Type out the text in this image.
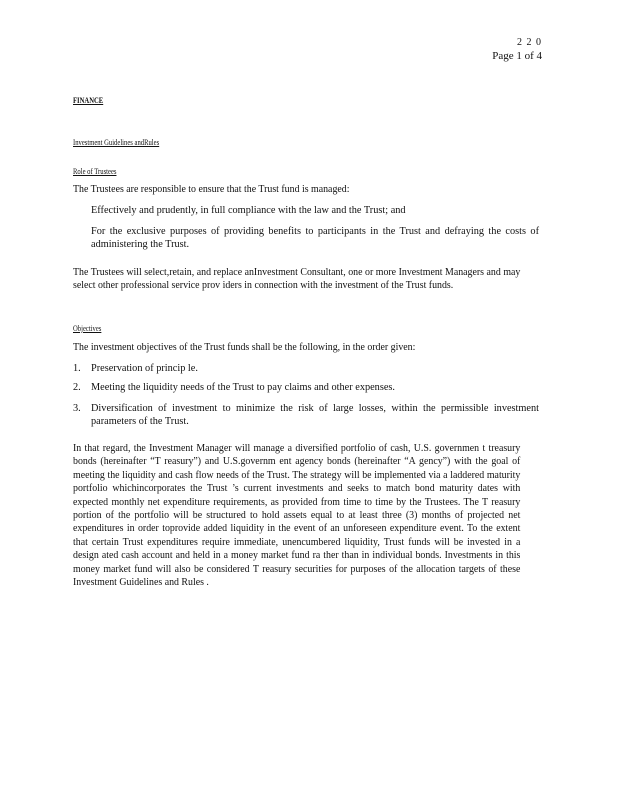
2 2 0
Page 1 of 4
FINANCE
Investment Guidelines andRules
Role of Trustees
The Trustees are responsible to ensure that the Trust fund is managed:
Effectively and prudently, in full compliance with the law and the Trust; and
For the exclusive purposes of providing benefits to participants in the Trust and defraying the costs of administering the Trust.
The Trustees will select,retain, and replace anInvestment Consultant, one or more Investment Managers and may select other professional service prov iders in connection with the investment of the Trust funds.
Objectives
The investment objectives of the Trust funds shall be the following, in the order given:
1. Preservation of princip le.
2. Meeting the liquidity needs of the Trust to pay claims and other expenses.
3. Diversification of investment to minimize the risk of large losses, within the permissible investment parameters of the Trust.
In that regard, the Investment Manager will manage a diversified portfolio of cash, U.S. governmen t treasury bonds (hereinafter “T reasury”) and U.S.governm ent agency bonds (hereinafter “A gency”) with the goal of meeting the liquidity and cash flow needs of the Trust. The strategy will be implemented via a laddered maturity portfolio whichincorporates the Trust ’s current investments and seeks to match bond maturity dates with expected monthly net expenditure requirements, as provided from time to time by the Trustees. The T reasury portion of the portfolio will be structured to hold assets equal to at least three (3) months of projected net expenditures in order toprovide added liquidity in the event of an unforeseen expenditure event. To the extent that certain Trust expenditures require immediate, unencumbered liquidity, Trust funds will be invested in a design ated cash account and held in a money market fund ra ther than in individual bonds. Investments in this money market fund will also be considered T reasury securities for purposes of the allocation targets of these Investment Guidelines and Rules .
